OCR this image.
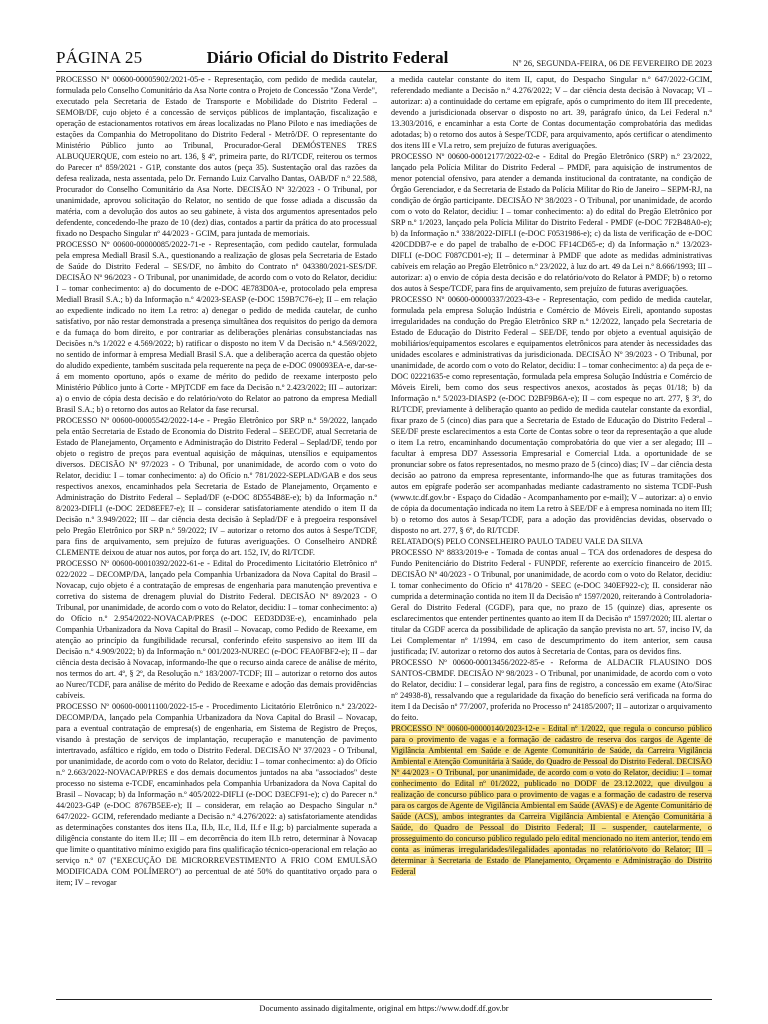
PÁGINA 25	Diário Oficial do Distrito Federal	Nº 26, SEGUNDA-FEIRA, 06 DE FEVEREIRO DE 2023

PROCESSO Nº 00600-00005902/2021-05-e - Representação, com pedido de medida cautelar, formulada pelo Conselho Comunitário da Asa Norte contra o Projeto de Concessão "Zona Verde", executado pela Secretaria de Estado de Transporte e Mobilidade do Distrito Federal – SEMOB/DF, cujo objeto é a concessão de serviços públicos de implantação, fiscalização e operação de estacionamentos rotativos em áreas localizadas no Plano Piloto e nas imediações de estações da Companhia do Metropolitano do Distrito Federal - Metrô/DF. O representante do Ministério Público junto ao Tribunal, Procurador-Geral DEMÓSTENES TRES ALBUQUERQUE, com esteio no art. 136, § 4º, primeira parte, do RI/TCDF, reiterou os termos do Parecer nº 859/2021 - G1P, constante dos autos (peça 35). Sustentação oral das razões da defesa realizada, nesta assentada, pelo Dr. Fernando Luiz Carvalho Dantas, OAB/DF n.º 22.588, Procurador do Conselho Comunitário da Asa Norte. DECISÃO Nº 32/2023 - O Tribunal, por unanimidade, aprovou solicitação do Relator, no sentido de que fosse adiada a discussão da matéria, com a devolução dos autos ao seu gabinete, à vista dos argumentos apresentados pelo defendente, concedendo-lhe prazo de 10 (dez) dias, contados a partir da prática do ato processual fixado no Despacho Singular nº 44/2023 - GCIM, para juntada de memoriais.

PROCESSO Nº 00600-00000085/2022-71-e - Representação, com pedido cautelar, formulada pela empresa Mediall Brasil S.A., questionando a realização de glosas pela Secretaria de Estado de Saúde do Distrito Federal – SES/DF, no âmbito do Contrato nº 043380/2021-SES/DF. DECISÃO Nº 96/2023 - O Tribunal, por unanimidade, de acordo com o voto do Relator, decidiu: I – tomar conhecimento: a) do documento de e-DOC 4E783D0A-e, protocolado pela empresa Mediall Brasil S.A.; b) da Informação n.º 4/2023-SEASP (e-DOC 159B7C76-e); II – em relação ao expediente indicado no item I.a retro: a) denegar o pedido de medida cautelar, de cunho satisfativo, por não restar demonstrada a presença simultânea dos requisitos do perigo da demora e da fumaça do bom direito, e por contrariar as deliberações plenárias consubstanciadas nas Decisões n.ºs 1/2022 e 4.569/2022; b) ratificar o disposto no item V da Decisão n.º 4.569/2022, no sentido de informar à empresa Mediall Brasil S.A. que a deliberação acerca da questão objeto do aludido expediente, também suscitada pela requerente na peça de e-DOC 090093EA-e, dar-se-á em momento oportuno, após o exame de mérito do pedido de reexame interposto pelo Ministério Público junto à Corte - MPjTCDF em face da Decisão n.º 2.423/2022; III – autorizar: a) o envio de cópia desta decisão e do relatório/voto do Relator ao patrono da empresa Mediall Brasil S.A.; b) o retorno dos autos ao Relator da fase recursal.

PROCESSO Nº 00600-00005542/2022-14-e - Pregão Eletrônico por SRP n.º 59/2022, lançado pela então Secretaria de Estado de Economia do Distrito Federal – SEEC/DF, atual Secretaria de Estado de Planejamento, Orçamento e Administração do Distrito Federal – Seplad/DF, tendo por objeto o registro de preços para eventual aquisição de máquinas, utensílios e equipamentos diversos. DECISÃO Nº 97/2023 - O Tribunal, por unanimidade, de acordo com o voto do Relator, decidiu: I – tomar conhecimento: a) do Ofício n.º 781/2022-SEPLAD/GAB e dos seus respectivos anexos, encaminhados pela Secretaria de Estado de Planejamento, Orçamento e Administração do Distrito Federal – Seplad/DF (e-DOC 8D554B8E-e); b) da Informação n.º 8/2023-DIFLI (e-DOC 2ED8EFE7-e); II – considerar satisfatoriamente atendido o item II da Decisão n.º 3.949/2022; III – dar ciência desta decisão à Seplad/DF e à pregoeira responsável pelo Pregão Eletrônico por SRP n.º 59/2022; IV – autorizar o retorno dos autos à Sespe/TCDF, para fins de arquivamento, sem prejuízo de futuras averiguações. O Conselheiro ANDRÉ CLEMENTE deixou de atuar nos autos, por força do art. 152, IV, do RI/TCDF.

PROCESSO Nº 00600-00010392/2022-61-e - Edital do Procedimento Licitatório Eletrônico nº 022/2022 – DECOMP/DA, lançado pela Companhia Urbanizadora da Nova Capital do Brasil – Novacap, cujo objeto é a contratação de empresas de engenharia para manutenção preventiva e corretiva do sistema de drenagem pluvial do Distrito Federal. DECISÃO Nº 89/2023 - O Tribunal, por unanimidade, de acordo com o voto do Relator, decidiu: I – tomar conhecimento: a) do Ofício n.º 2.954/2022-NOVACAP/PRES (e-DOC EED3DD3E-e), encaminhado pela Companhia Urbanizadora da Nova Capital do Brasil – Novacap, como Pedido de Reexame, em atenção ao princípio da fungibilidade recursal, conferindo efeito suspensivo ao item III da Decisão n.º 4.909/2022; b) da Informação n.º 001/2023-NUREC (e-DOC FEA0FBF2-e); II – dar ciência desta decisão à Novacap, informando-lhe que o recurso ainda carece de análise de mérito, nos termos do art. 4º, § 2º, da Resolução n.º 183/2007-TCDF; III – autorizar o retorno dos autos ao Nurec/TCDF, para análise de mérito do Pedido de Reexame e adoção das demais providências cabíveis.

PROCESSO Nº 00600-00011100/2022-15-e - Procedimento Licitatório Eletrônico n.º 23/2022-DECOMP/DA, lançado pela Companhia Urbanizadora da Nova Capital do Brasil – Novacap, para a eventual contratação de empresa(s) de engenharia, em Sistema de Registro de Preços, visando à prestação de serviços de implantação, recuperação e manutenção de pavimento intertravado, asfáltico e rígido, em todo o Distrito Federal. DECISÃO Nº 37/2023 - O Tribunal, por unanimidade, de acordo com o voto do Relator, decidiu: I – tomar conhecimento: a) do Ofício n.º 2.663/2022-NOVACAP/PRES e dos demais documentos juntados na aba "associados" deste processo no sistema e-TCDF, encaminhados pela Companhia Urbanizadora da Nova Capital do Brasil – Novacap; b) da Informação n.º 405/2022-DIFLI (e-DOC D3ECF91-e); c) do Parecer n.º 44/2023-G4P (e-DOC 8767B5EE-e); II – considerar, em relação ao Despacho Singular n.º 647/2022- GCIM, referendado mediante a Decisão n.º 4.276/2022: a) satisfatoriamente atendidas as determinações constantes dos itens II.a, II.b, II.c, II.d, II.f e II.g; b) parcialmente superada a diligência constante do item II.e; III – em decorrência do item II.b retro, determinar à Novacap que limite o quantitativo mínimo exigido para fins qualificação técnico-operacional em relação ao serviço n.º 07 ("EXECUÇÃO DE MICRORREVESTIMENTO A FRIO COM EMULSÃO MODIFICADA COM POLÍMERO") ao percentual de até 50% do quantitativo orçado para o item; IV – revogar

a medida cautelar constante do item II, caput, do Despacho Singular n.º 647/2022-GCIM, referendado mediante a Decisão n.º 4.276/2022; V – dar ciência desta decisão à Novacap; VI – autorizar: a) a continuidade do certame em epígrafe, após o cumprimento do item III precedente, devendo a jurisdicionada observar o disposto no art. 39, parágrafo único, da Lei Federal n.º 13.303/2016, e encaminhar a esta Corte de Contas documentação comprobatória das medidas adotadas; b) o retorno dos autos à Sespe/TCDF, para arquivamento, após certificar o atendimento dos itens III e VI.a retro, sem prejuízo de futuras averiguações.

PROCESSO Nº 00600-00012177/2022-02-e - Edital do Pregão Eletrônico (SRP) n.º 23/2022, lançado pela Polícia Militar do Distrito Federal – PMDF, para aquisição de instrumentos de menor potencial ofensivo, para atender a demanda institucional da contratante, na condição de Órgão Gerenciador, e da Secretaria de Estado da Polícia Militar do Rio de Janeiro – SEPM-RJ, na condição de órgão participante. DECISÃO Nº 38/2023 - O Tribunal, por unanimidade, de acordo com o voto do Relator, decidiu: I – tomar conhecimento: a) do edital do Pregão Eletrônico por SRP n.º 1/2023, lançado pela Polícia Militar do Distrito Federal - PMDF (e-DOC 7F2B48A0-e); b) da Informação n.º 338/2022-DIFLI (e-DOC F053198​6-e); c) da lista de verificação de e-DOC 420CDDB7-e e do papel de trabalho de e-DOC FF14CD65-e; d) da Informação n.º 13/2023-DIFLI (e-DOC F087CD01-e); II – determinar à PMDF que adote as medidas administrativas cabíveis em relação ao Pregão Eletrônico n.º 23/2022, à luz do art. 49 da Lei n.º 8.666/1993; III – autorizar: a) o envio de cópia desta decisão e do relatório/voto do Relator à PMDF; b) o retorno dos autos à Sespe/TCDF, para fins de arquivamento, sem prejuízo de futuras averiguações.

PROCESSO Nº 00600-00000337/2023-43-e - Representação, com pedido de medida cautelar, formulada pela empresa Solução Indústria e Comércio de Móveis Eireli, apontando supostas irregularidades na condução do Pregão Eletrônico SRP n.º 12/2022, lançado pela Secretaria de Estado de Educação do Distrito Federal – SEE/DF, tendo por objeto a eventual aquisição de mobiliários/equipamentos escolares e equipamentos eletrônicos para atender às necessidades das unidades escolares e administrativas da jurisdicionada. DECISÃO Nº 39/2023 - O Tribunal, por unanimidade, de acordo com o voto do Relator, decidiu: I – tomar conhecimento: a) da peça de e-DOC 02221635-e como representação, formulada pela empresa Solução Indústria e Comércio de Móveis Eireli, bem como dos seus respectivos anexos, acostados às peças 01/18; b) da Informação n.º 5/2023-DIASP2 (e-DOC D2BF9B6A-e); II – com espeque no art. 277, § 3º, do RI/TCDF, previamente à deliberação quanto ao pedido de medida cautelar constante da exordial, fixar prazo de 5 (cinco) dias para que a Secretaria de Estado de Educação do Distrito Federal – SEE/DF preste esclarecimentos a esta Corte de Contas sobre o teor da representação a que alude o item I.a retro, encaminhando documentação comprobatória do que vier a ser alegado; III – facultar à empresa DD7 Assessoria Empresarial e Comercial Ltda. a oportunidade de se pronunciar sobre os fatos representados, no mesmo prazo de 5 (cinco) dias; IV – dar ciência desta decisão ao patrono da empresa representante, informando-lhe que as futuras tramitações dos autos em epígrafe poderão ser acompanhadas mediante cadastramento no sistema TCDF-Push (www.tc.df.gov.br - Espaço do Cidadão - Acompanhamento por e-mail); V – autorizar: a) o envio de cópia da documentação indicada no item I.a retro à SEE/DF e à empresa nominada no item III; b) o retorno dos autos à Sesap/TCDF, para a adoção das providências devidas, observado o disposto no art. 277, § 6º, do RI/TCDF.

RELATADO(S) PELO CONSELHEIRO PAULO TADEU VALE DA SILVA

PROCESSO Nº 8833/2019-e - Tomada de contas anual – TCA dos ordenadores de despesa do Fundo Penitenciário do Distrito Federal - FUNPDF, referente ao exercício financeiro de 2015. DECISÃO Nº 40/2023 - O Tribunal, por unanimidade, de acordo com o voto do Relator, decidiu: I. tomar conhecimento do Ofício nº 4178/20 - SEEC (e-DOC 340EF922-c); II. considerar não cumprida a determinação contida no item II da Decisão nº 1597/2020, reiterando à Controladoria-Geral do Distrito Federal (CGDF), para que, no prazo de 15 (quinze) dias, apresente os esclarecimentos que entender pertinentes quanto ao item II da Decisão nº 1597/2020; III. alertar o titular da CGDF acerca da possibilidade de aplicação da sanção prevista no art. 57, inciso IV, da Lei Complementar nº 1/1994, em caso de descumprimento do item anterior, sem causa justificada; IV. autorizar o retorno dos autos à Secretaria de Contas, para os devidos fins.

PROCESSO Nº 00600-00013456/2022-85-e - Reforma de ALDACIR FLAUSINO DOS SANTOS-CBMDF. DECISÃO Nº 98/2023 - O Tribunal, por unanimidade, de acordo com o voto do Relator, decidiu: I – considerar legal, para fins de registro, a concessão em exame (Ato/Sirac nº 24938-8), ressalvando que a regularidade da fixação do benefício será verificada na forma do item I da Decisão nº 77/2007, proferida no Processo nº 24185/2007; II – autorizar o arquivamento do feito.

PROCESSO Nº 00600-00000140/2023-12-e - Edital nº 1/2022, que regula o concurso público para o provimento de vagas e a formação de cadastro de reserva dos cargos de Agente de Vigilância Ambiental em Saúde e de Agente Comunitário de Saúde, da Carreira Vigilância Ambiental e Atenção Comunitária à Saúde, do Quadro de Pessoal do Distrito Federal. DECISÃO Nº 44/2023 - O Tribunal, por unanimidade, de acordo com o voto do Relator, decidiu: I – tomar conhecimento do Edital nº 01/2022, publicado no DODF de 23.12.2022, que divulgou a realização de concurso público para o provimento de vagas e a formação de cadastro de reserva para os cargos de Agente de Vigilância Ambiental em Saúde (AVAS) e de Agente Comunitário de Saúde (ACS), ambos integrantes da Carreira Vigilância Ambiental e Atenção Comunitária à Saúde, do Quadro de Pessoal do Distrito Federal; II – suspender, cautelarmente, o prosseguimento do concurso público regulado pelo edital mencionado no item anterior, tendo em conta as inúmeras irregularidades/ilegalidades apontadas no relatório/voto do Relator; III – determinar à Secretaria de Estado de Planejamento, Orçamento e Administração do Distrito Federal

Documento assinado digitalmente, original em https://www.dodf.df.gov.br
